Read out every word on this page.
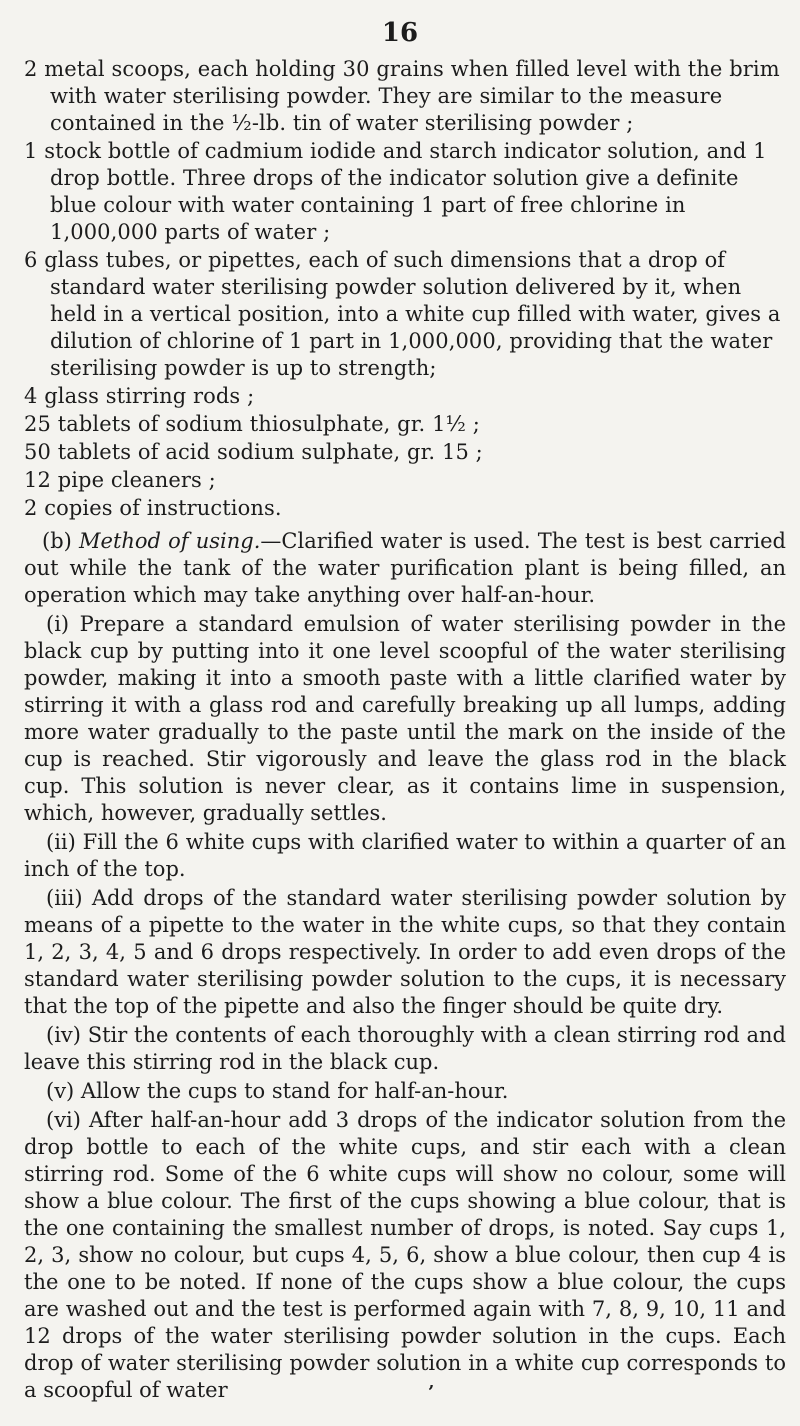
16

2 metal scoops, each holding 30 grains when filled level with the brim with water sterilising powder. They are similar to the measure contained in the ½-lb. tin of water sterilising powder ;

1 stock bottle of cadmium iodide and starch indicator solution, and 1 drop bottle. Three drops of the indicator solution give a definite blue colour with water containing 1 part of free chlorine in 1,000,000 parts of water ;

6 glass tubes, or pipettes, each of such dimensions that a drop of standard water sterilising powder solution delivered by it, when held in a vertical position, into a white cup filled with water, gives a dilution of chlorine of 1 part in 1,000,000, providing that the water sterilising powder is up to strength;

4 glass stirring rods ;

25 tablets of sodium thiosulphate, gr. 1½ ;

50 tablets of acid sodium sulphate, gr. 15 ;

12 pipe cleaners ;

2 copies of instructions.

(b) Method of using.—Clarified water is used. The test is best carried out while the tank of the water purification plant is being filled, an operation which may take anything over half-an-hour.

(i) Prepare a standard emulsion of water sterilising powder in the black cup by putting into it one level scoopful of the water sterilising powder, making it into a smooth paste with a little clarified water by stirring it with a glass rod and carefully breaking up all lumps, adding more water gradually to the paste until the mark on the inside of the cup is reached. Stir vigorously and leave the glass rod in the black cup. This solution is never clear, as it contains lime in suspension, which, however, gradually settles.

(ii) Fill the 6 white cups with clarified water to within a quarter of an inch of the top.

(iii) Add drops of the standard water sterilising powder solution by means of a pipette to the water in the white cups, so that they contain 1, 2, 3, 4, 5 and 6 drops respectively. In order to add even drops of the standard water sterilising powder solution to the cups, it is necessary that the top of the pipette and also the finger should be quite dry.

(iv) Stir the contents of each thoroughly with a clean stirring rod and leave this stirring rod in the black cup.

(v) Allow the cups to stand for half-an-hour.

(vi) After half-an-hour add 3 drops of the indicator solution from the drop bottle to each of the white cups, and stir each with a clean stirring rod. Some of the 6 white cups will show no colour, some will show a blue colour. The first of the cups showing a blue colour, that is the one containing the smallest number of drops, is noted. Say cups 1, 2, 3, show no colour, but cups 4, 5, 6, show a blue colour, then cup 4 is the one to be noted. If none of the cups show a blue colour, the cups are washed out and the test is performed again with 7, 8, 9, 10, 11 and 12 drops of the water sterilising powder solution in the cups. Each drop of water sterilising powder solution in a white cup corresponds to a scoopful of water	’
